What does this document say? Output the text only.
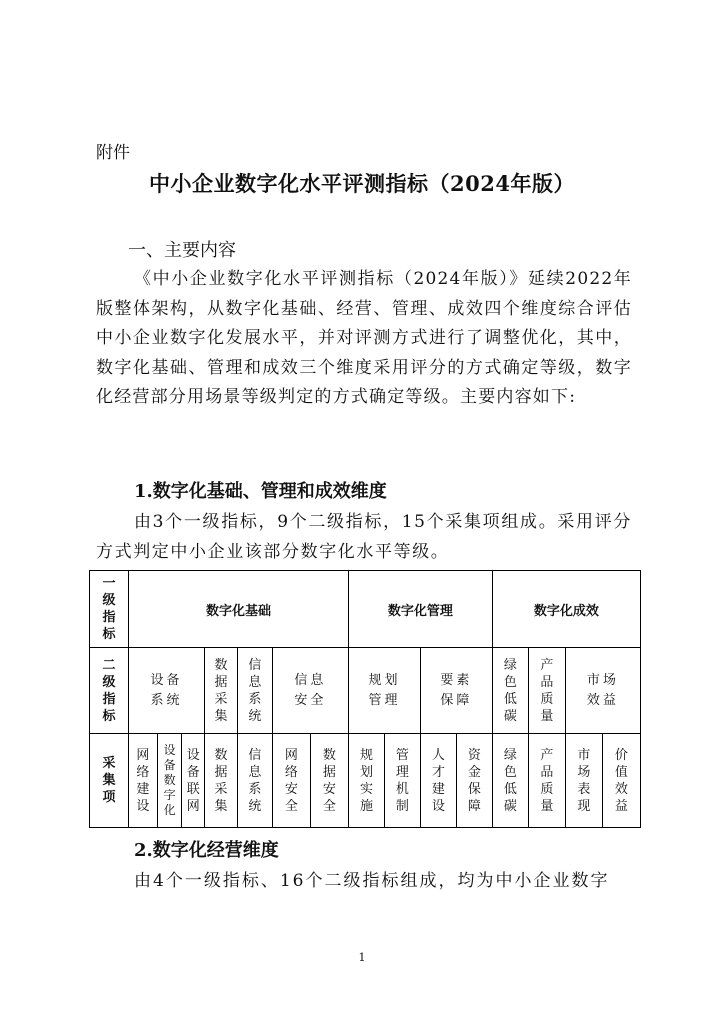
附件
中小企业数字化水平评测指标（2024年版）
一、主要内容

《中小企业数字化水平评测指标（2024年版）》延续2022年版整体架构，从数字化基础、经营、管理、成效四个维度综合评估中小企业数字化发展水平，并对评测方式进行了调整优化，其中，数字化基础、管理和成效三个维度采用评分的方式确定等级，数字化经营部分用场景等级判定的方式确定等级。主要内容如下:

1.数字化基础、管理和成效维度

由3个一级指标，9个二级指标，15个采集项组成。采用评分方式判定中小企业该部分数字化水平等级。

一级指标	数字化基础							数字化管理				数字化成效			
二级指标	设备系统			数据采集	信息系统	信息安全		规划管理		要素保障		绿色低碳	产品质量	市场效益	
采集项	网络建设	设备数字化	设备联网	数据采集	信息系统	网络安全	数据安全	规划实施	管理机制	人才建设	资金保障	绿色低碳	产品质量	市场表现	价值效益
2.数字化经营维度

由4个一级指标、16个二级指标组成，均为中小企业数字

1
